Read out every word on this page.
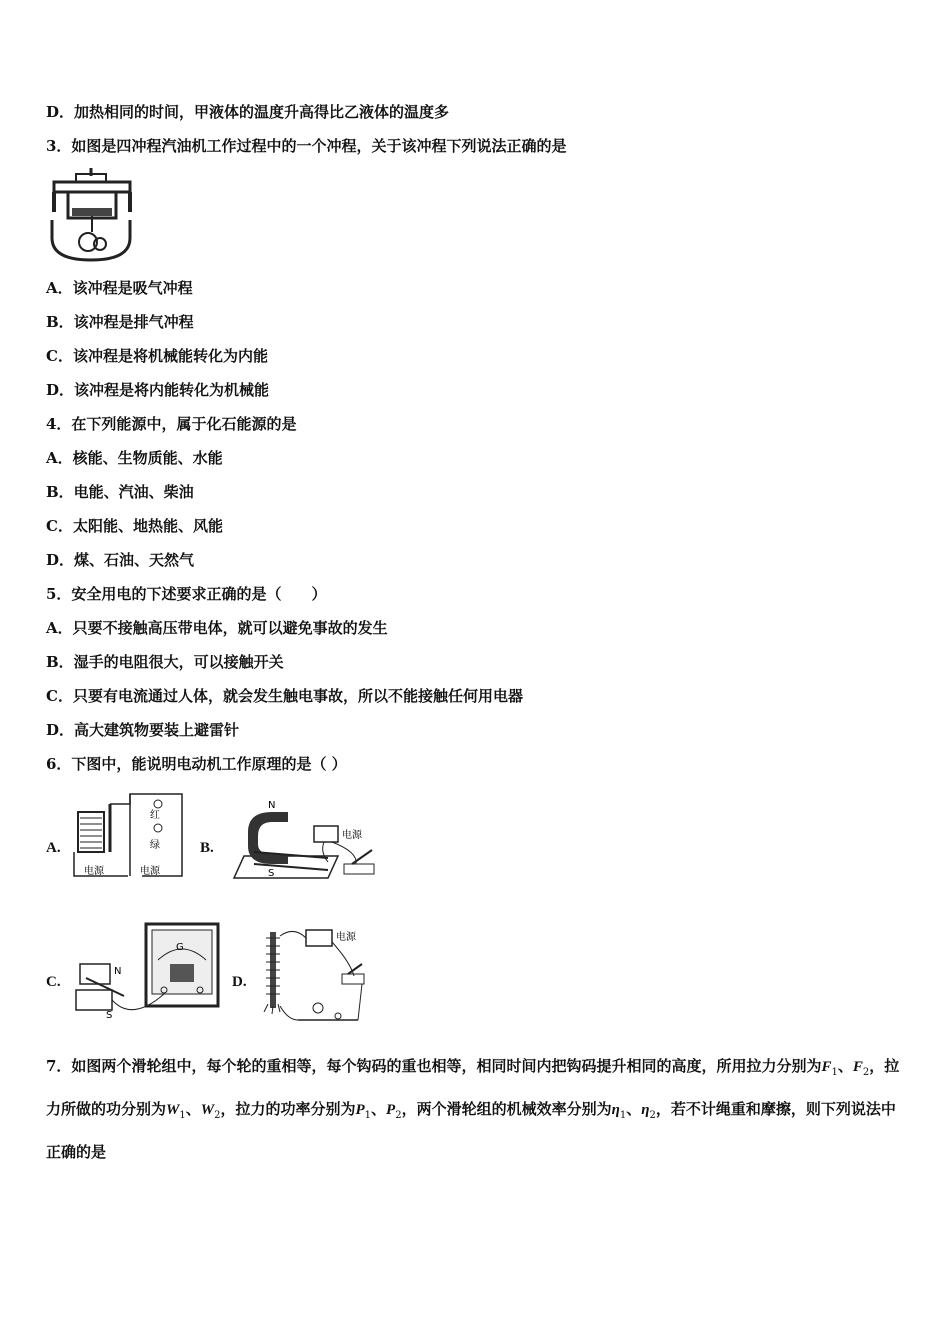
D．加热相同的时间，甲液体的温度升高得比乙液体的温度多
3．如图是四冲程汽油机工作过程中的一个冲程，关于该冲程下列说法正确的是
A．该冲程是吸气冲程
B．该冲程是排气冲程
C．该冲程是将机械能转化为内能
D．该冲程是将内能转化为机械能
4．在下列能源中，属于化石能源的是
A．核能、生物质能、水能
B．电能、汽油、柴油
C．太阳能、地热能、风能
D．煤、石油、天然气
5．安全用电的下述要求正确的是（　　）
A．只要不接触高压带电体，就可以避免事故的发生
B．湿手的电阻很大，可以接触开关
C．只要有电流通过人体，就会发生触电事故，所以不能接触任何用电器
D．高大建筑物要装上避雷针
6．下图中，能说明电动机工作原理的是（ ）
A.
红
绿
电源	电源
B.
N
S
电源
C.
N
S
G
D.
电源
7．如图两个滑轮组中，每个轮的重相等，每个钩码的重也相等，相同时间内把钩码提升相同的高度，所用拉力分别为$F_1$、$F_2$，拉力所做的功分别为$W_1$、$W_2$，拉力的功率分别为$P_1$、$P_2$，两个滑轮组的机械效率分别为$\eta_1$、$\eta_2$，若不计绳重和摩擦，则下列说法中正确的是
